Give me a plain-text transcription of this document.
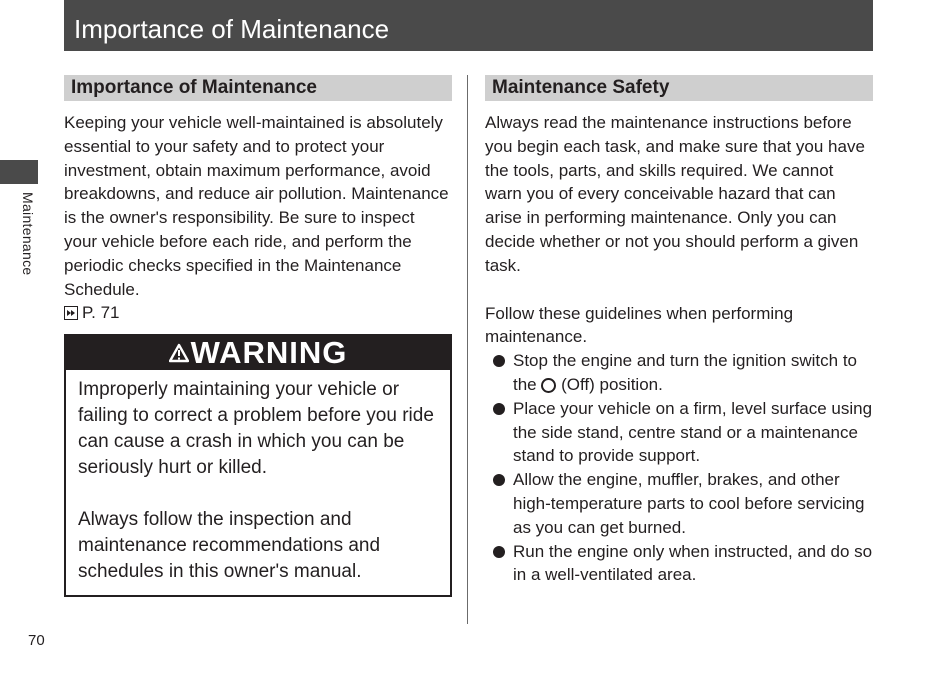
Importance of Maintenance
Maintenance
Importance of Maintenance

Keeping your vehicle well-maintained is absolutely essential to your safety and to protect your investment, obtain maximum performance, avoid breakdowns, and reduce air pollution. Maintenance is the owner's responsibility. Be sure to inspect your vehicle before each ride, and perform the periodic checks specified in the Maintenance Schedule.

P. 71
WARNING

Improperly maintaining your vehicle or failing to correct a problem before you ride can cause a crash in which you can be seriously hurt or killed.

Always follow the inspection and maintenance recommendations and schedules in this owner's manual.

Maintenance Safety

Always read the maintenance instructions before you begin each task, and make sure that you have the tools, parts, and skills required. We cannot warn you of every conceivable hazard that can arise in performing maintenance. Only you can decide whether or not you should perform a given task.

Follow these guidelines when performing maintenance.

Stop the engine and turn the ignition switch to the (Off) position.
Place your vehicle on a firm, level surface using the side stand, centre stand or a maintenance stand to provide support.
Allow the engine, muffler, brakes, and other high-temperature parts to cool before servicing as you can get burned.
Run the engine only when instructed, and do so in a well-ventilated area.
70
